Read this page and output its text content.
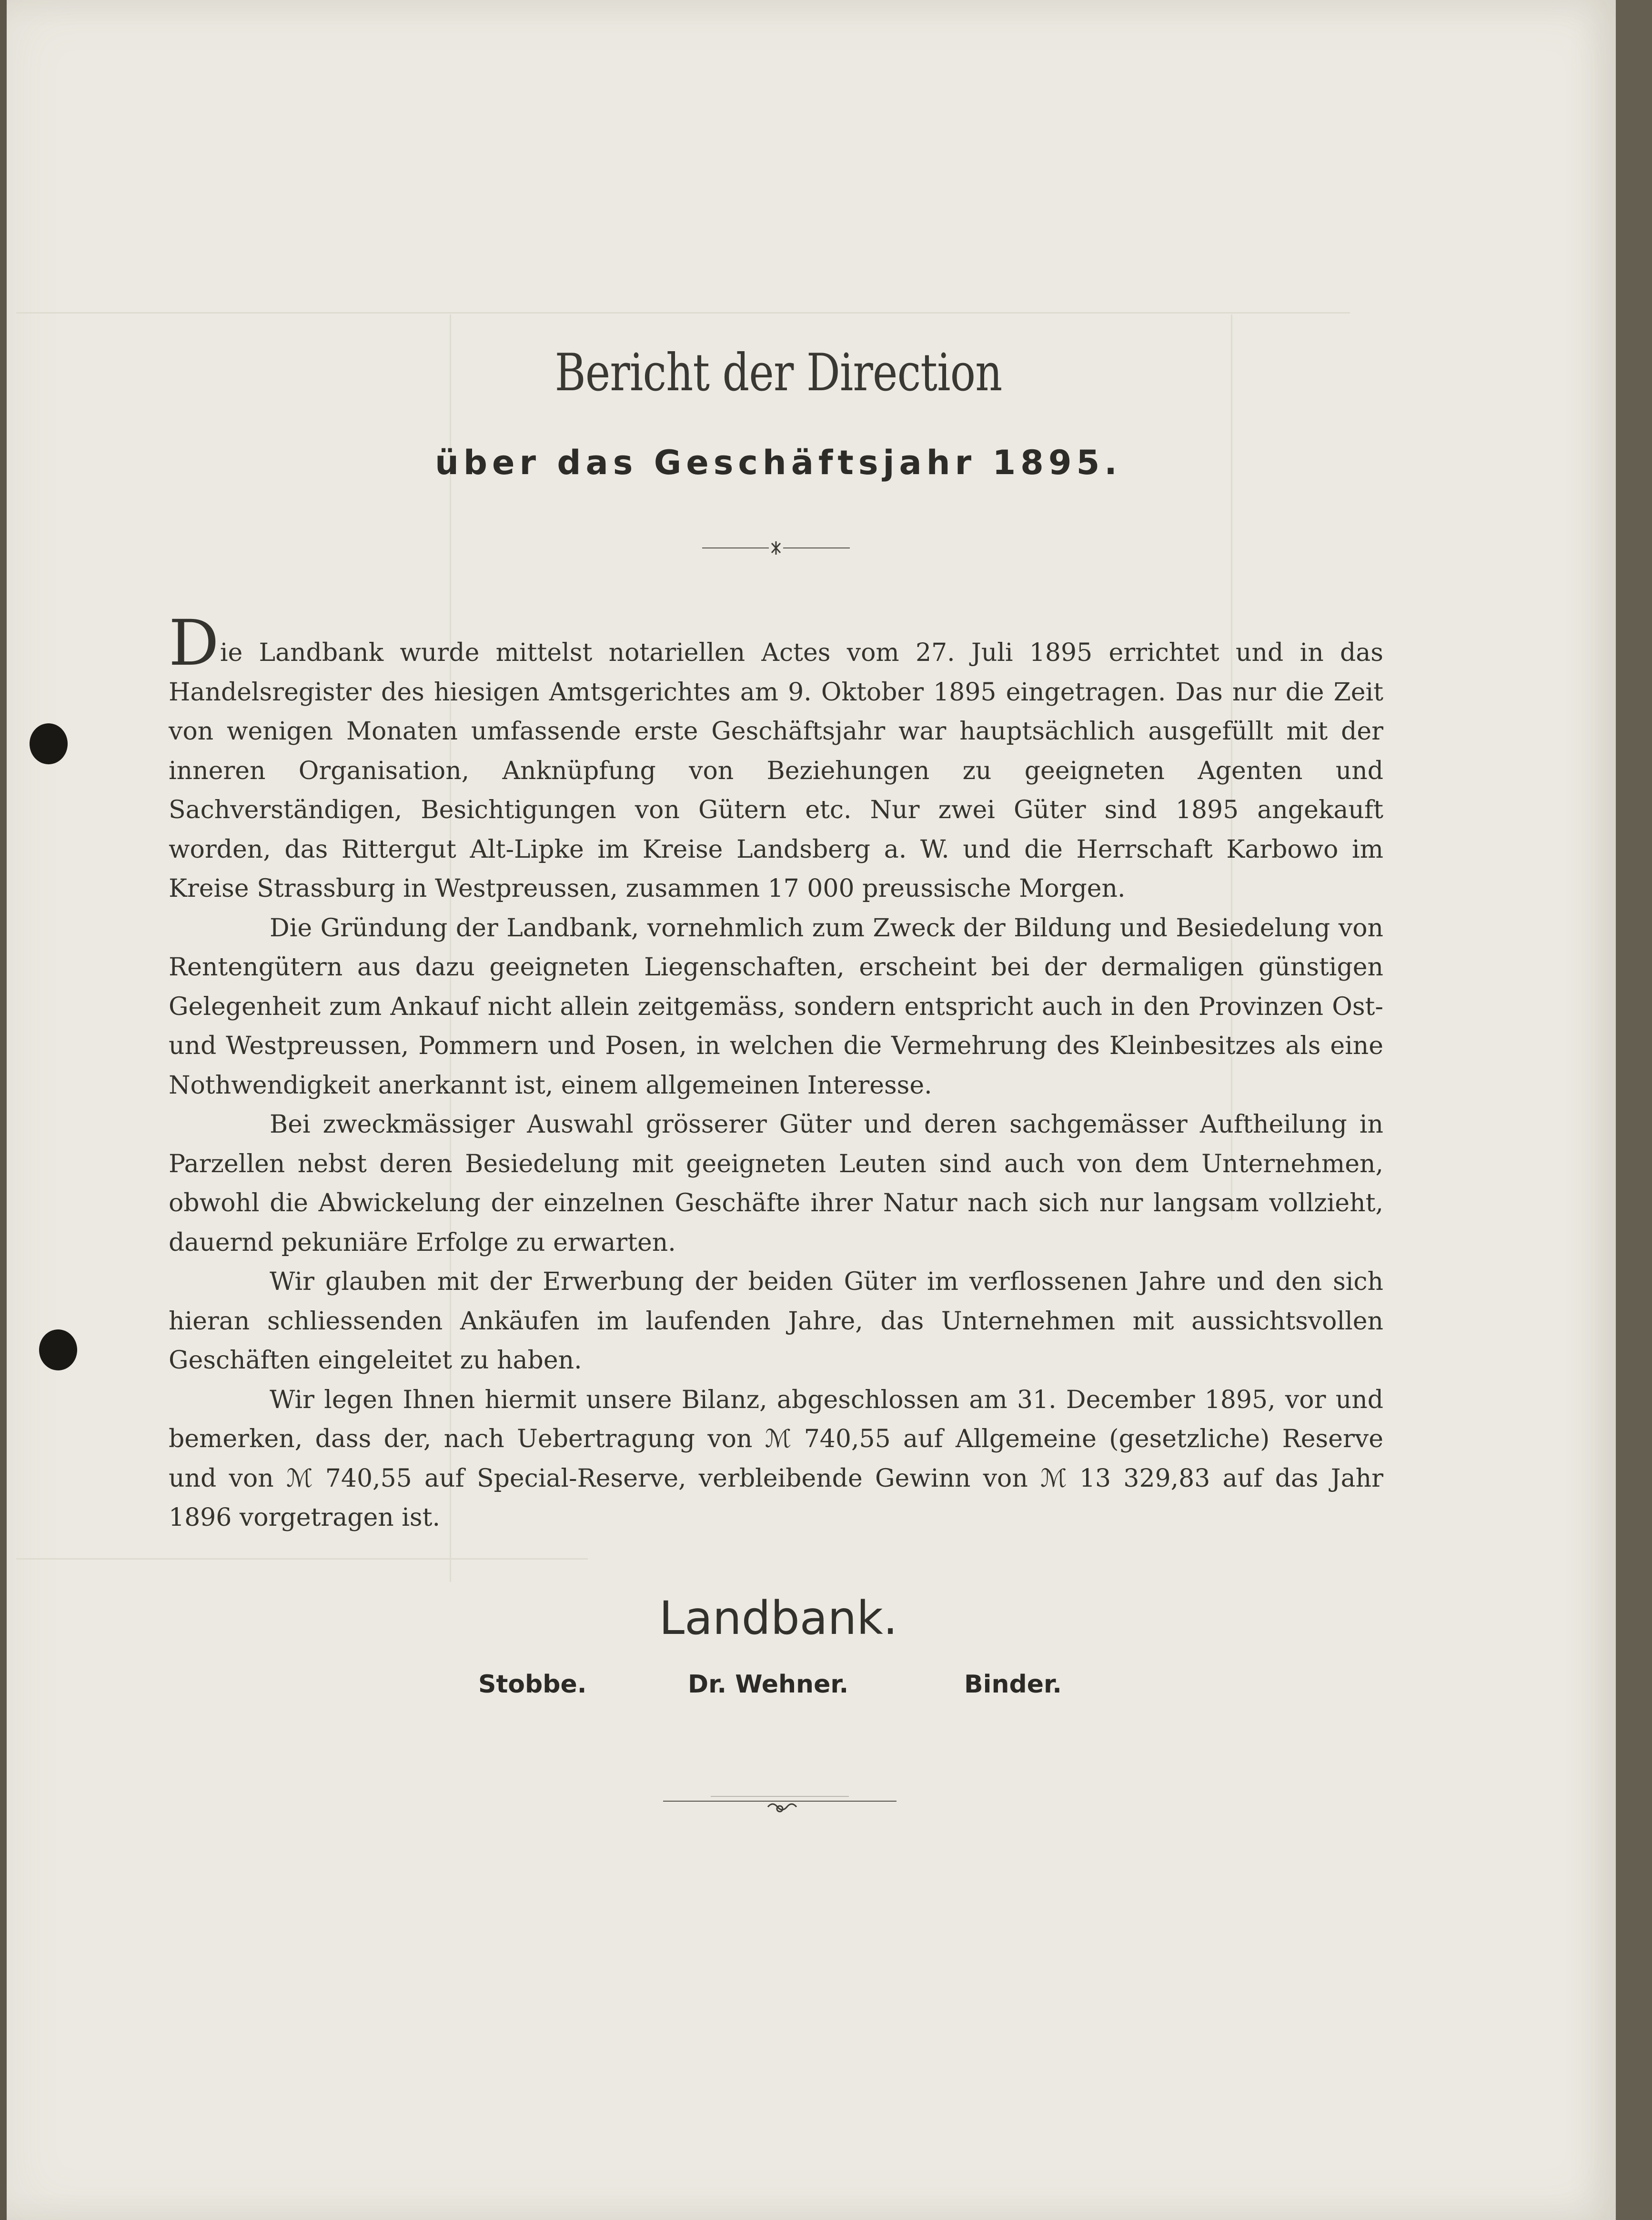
Bericht der Direction
über das Geschäftsjahr 1895.

Die Landbank wurde mittelst notariellen Actes vom 27. Juli 1895 errichtet und in das Handelsregister des hiesigen Amtsgerichtes am 9. Oktober 1895 eingetragen. Das nur die Zeit von wenigen Monaten umfassende erste Geschäftsjahr war hauptsächlich ausgefüllt mit der inneren Organisation, Anknüpfung von Beziehungen zu geeigneten Agenten und Sachverständigen, Besichtigungen von Gütern etc. Nur zwei Güter sind 1895 angekauft worden, das Rittergut Alt-Lipke im Kreise Landsberg a. W. und die Herrschaft Karbowo im Kreise Strassburg in Westpreussen, zusammen 17 000 preussische Morgen.

Die Gründung der Landbank, vornehmlich zum Zweck der Bildung und Besiedelung von Rentengütern aus dazu geeigneten Liegenschaften, erscheint bei der dermaligen günstigen Gelegenheit zum Ankauf nicht allein zeitgemäss, sondern entspricht auch in den Provinzen Ost- und Westpreussen, Pommern und Posen, in welchen die Vermehrung des Kleinbesitzes als eine Nothwendigkeit anerkannt ist, einem allgemeinen Interesse.

Bei zweckmässiger Auswahl grösserer Güter und deren sachgemässer Auftheilung in Parzellen nebst deren Besiedelung mit geeigneten Leuten sind auch von dem Unternehmen, obwohl die Abwickelung der einzelnen Geschäfte ihrer Natur nach sich nur langsam vollzieht, dauernd pekuniäre Erfolge zu erwarten.

Wir glauben mit der Erwerbung der beiden Güter im verflossenen Jahre und den sich hieran schliessenden Ankäufen im laufenden Jahre, das Unternehmen mit aussichtsvollen Geschäften eingeleitet zu haben.

Wir legen Ihnen hiermit unsere Bilanz, abgeschlossen am 31. December 1895, vor und bemerken, dass der, nach Uebertragung von ℳ 740,55 auf Allgemeine (gesetzliche) Reserve und von ℳ 740,55 auf Special-Reserve, verbleibende Gewinn von ℳ 13 329,83 auf das Jahr 1896 vorgetragen ist.

Landbank.
Stobbe.	Dr. Wehner.	Binder.
